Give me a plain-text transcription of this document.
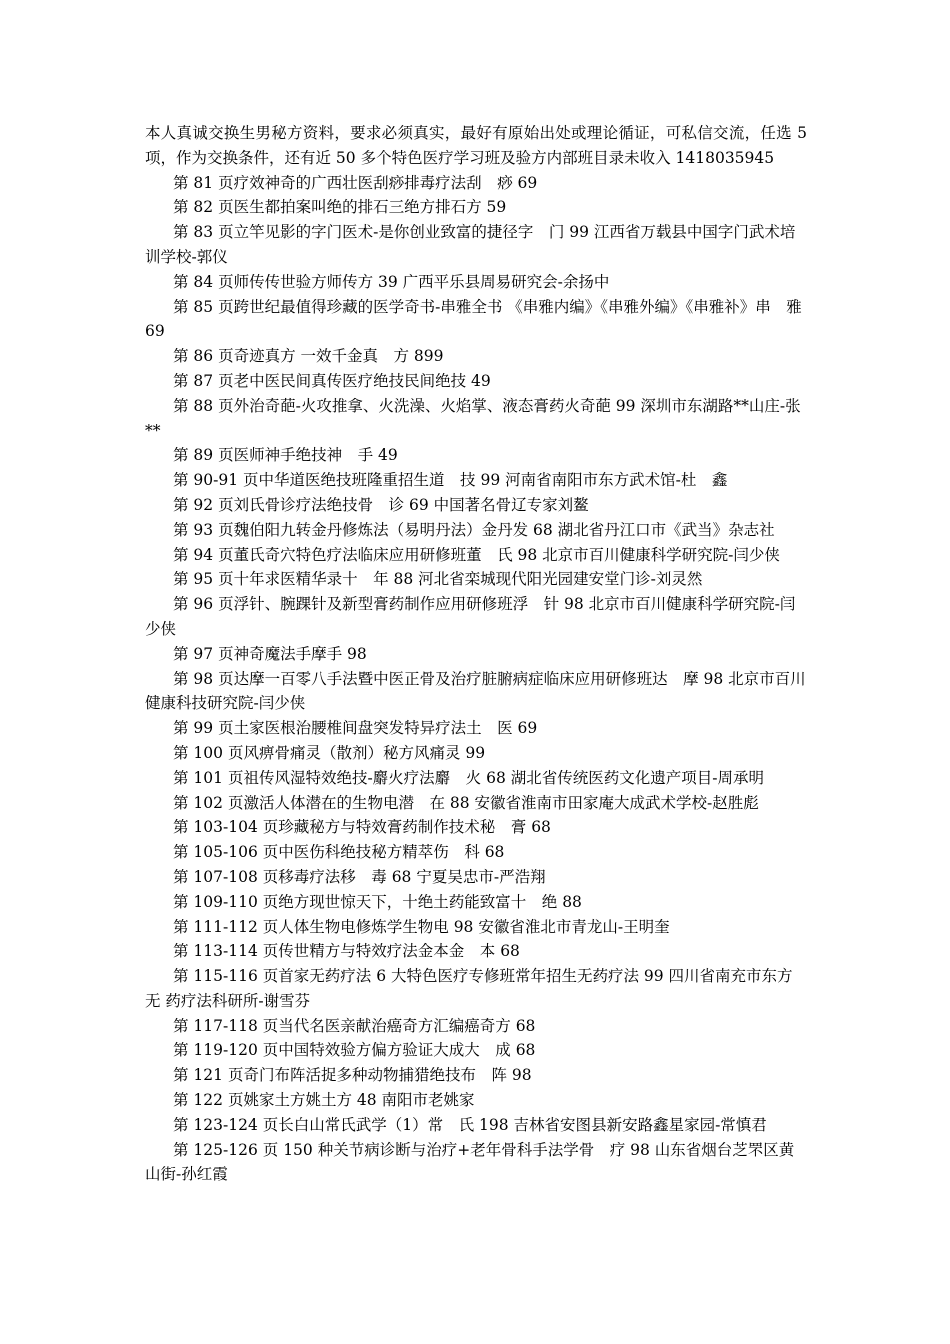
本人真诚交换生男秘方资料，要求必须真实，最好有原始出处或理论循证，可私信交流，任选 5 项，作为交换条件，还有近 50 多个特色医疗学习班及验方内部班目录未收入 1418035945

第 81 页疗效神奇的广西壮医刮痧排毒疗法刮　痧 69

第 82 页医生都拍案叫绝的排石三绝方排石方 59

第 83 页立竿见影的字门医术-是你创业致富的捷径字　门 99 江西省万载县中国字门武术培训学校-郭仪

第 84 页师传传世验方师传方 39 广西平乐县周易研究会-余扬中

第 85 页跨世纪最值得珍藏的医学奇书-串雅全书 《串雅内编》《串雅外编》《串雅补》串　雅 69

第 86 页奇迹真方 一效千金真　方 899

第 87 页老中医民间真传医疗绝技民间绝技 49

第 88 页外治奇葩-火攻推拿、火洗澡、火焰掌、液态膏药火奇葩 99 深圳市东湖路**山庄-张**

第 89 页医师神手绝技神　手 49

第 90-91 页中华道医绝技班隆重招生道　技 99 河南省南阳市东方武术馆-杜　鑫

第 92 页刘氏骨诊疗法绝技骨　诊 69 中国著名骨辽专家刘鳌

第 93 页魏伯阳九转金丹修炼法（易明丹法）金丹发 68 湖北省丹江口市《武当》杂志社

第 94 页董氏奇穴特色疗法临床应用研修班董　氏 98 北京市百川健康科学研究院-闫少侠

第 95 页十年求医精华录十　年 88 河北省栾城现代阳光园建安堂门诊-刘灵然

第 96 页浮针、腕踝针及新型膏药制作应用研修班浮　针 98 北京市百川健康科学研究院-闫少侠

第 97 页神奇魔法手摩手 98

第 98 页达摩一百零八手法暨中医正骨及治疗脏腑病症临床应用研修班达　摩 98 北京市百川健康科技研究院-闫少侠

第 99 页土家医根治腰椎间盘突发特异疗法土　医 69

第 100 页风痹骨痛灵（散剂）秘方风痛灵 99

第 101 页祖传风湿特效绝技-麝火疗法麝　火 68 湖北省传统医药文化遗产项目-周承明

第 102 页激活人体潜在的生物电潜　在 88 安徽省淮南市田家庵大成武术学校-赵胜彪

第 103-104 页珍藏秘方与特效膏药制作技术秘　膏 68

第 105-106 页中医伤科绝技秘方精萃伤　科 68

第 107-108 页移毒疗法移　毒 68 宁夏吴忠市-严浩翔

第 109-110 页绝方现世惊天下，十绝土药能致富十　绝 88

第 111-112 页人体生物电修炼学生物电 98 安徽省淮北市青龙山-王明奎

第 113-114 页传世精方与特效疗法金本金　本 68

第 115-116 页首家无药疗法 6 大特色医疗专修班常年招生无药疗法 99 四川省南充市东方无 药疗法科研所-谢雪芬

第 117-118 页当代名医亲献治癌奇方汇编癌奇方 68

第 119-120 页中国特效验方偏方验证大成大　成 68

第 121 页奇门布阵活捉多种动物捕猎绝技布　阵 98

第 122 页姚家土方姚土方 48 南阳市老姚家

第 123-124 页长白山常氏武学（1）常　氏 198 吉林省安图县新安路鑫星家园-常慎君

第 125-126 页 150 种关节病诊断与治疗+老年骨科手法学骨　疗 98 山东省烟台芝罘区黄山街-孙红霞
